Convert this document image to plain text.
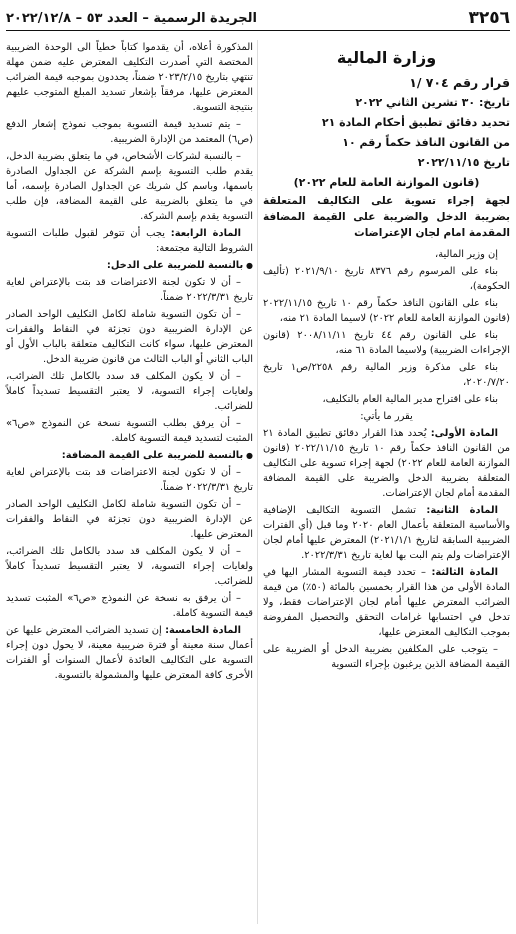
٣٢٥٦
الجريدة الرسمية – العدد ٥٣ – ٢٠٢٢/١٢/٨

وزارة المالية

قرار رقم ٧٠٤ /١

تاريخ: ٣٠ تشرين الثاني ٢٠٢٢

تحديد دقائق تطبيق أحكام المادة ٢١

من القانون النافذ حكماً رقم ١٠

تاريخ ٢٠٢٢/١١/١٥

(قانون الموازنة العامة للعام ٢٠٢٢)

لجهة إجراء تسوية على التكاليف المتعلقة بضريبة الدخل والضريبة على القيمة المضافة المقدمة امام لجان الإعتراضات

إن وزير المالية،

بناء على المرسوم رقم ٨٣٧٦ تاريخ ٢٠٢١/٩/١٠ (تأليف الحكومة)،

بناء على القانون النافذ حكماً رقم ١٠ تاريخ ٢٠٢٢/١١/١٥ (قانون الموازنة العامة للعام ٢٠٢٢) لاسيما المادة ٢١ منه،

بناء على القانون رقم ٤٤ تاريخ ٢٠٠٨/١١/١١ (قانون الإجراءات الضريبية) ولاسيما المادة ٦١ منه،

بناء على مذكرة وزير المالية رقم ٢٢٥٨/ص١ تاريخ ٢٠٢٠/٧/٢٠،

بناء على اقتراح مدير المالية العام بالتكليف،

يقرر ما يأتي:

المادة الأولى: يُحدد هذا القرار دقائق تطبيق المادة ٢١ من القانون النافذ حكماً رقم ١٠ تاريخ ٢٠٢٢/١١/١٥ (قانون الموازنة العامة للعام ٢٠٢٢) لجهة إجراء تسوية على التكاليف المتعلقة بضريبة الدخل والضريبة على القيمة المضافة المقدمة أمام لجان الإعتراضات.

المادة الثانية: تشمل التسوية التكاليف الإضافية والأساسية المتعلقة بأعمال العام ٢٠٢٠ وما قبل (أي الفترات الضريبية السابقة لتاريخ ٢٠٢١/١/١) المعترض عليها أمام لجان الإعتراضات ولم يتم البت بها لغاية تاريخ ٢٠٢٢/٣/٣١.

المادة الثالثة: – تحدد قيمة التسوية المشار اليها في المادة الأولى من هذا القرار بخمسين بالمائة (٥٠٪) من قيمة الضرائب المعترض عليها أمام لجان الإعتراضات فقط، ولا تدخل في احتسابها غرامات التحقق والتحصيل المفروضة بموجب التكاليف المعترض عليها،

– يتوجب على المكلفين بضريبة الدخل أو الضريبة على القيمة المضافة الذين يرغبون بإجراء التسوية

المذكورة أعلاه، أن يقدموا كتاباً خطياً الى الوحدة الضريبية المختصة التي أصدرت التكليف المعترض عليه ضمن مهلة تنتهي بتاريخ ٢٠٢٣/٢/١٥ ضمناً، يحددون بموجبه قيمة الضرائب المعترض عليها، مرفقاً بإشعار تسديد المبلغ المتوجب عليهم بنتيجة التسوية.

– يتم تسديد قيمة التسوية بموجب نموذج إشعار الدفع (ص٦) المعتمد من الإدارة الضريبية.

– بالنسبة لشركات الأشخاص، في ما يتعلق بضريبة الدخل، يقدم طلب التسوية بإسم الشركة عن الجداول الصادرة باسمها، وباسم كل شريك عن الجداول الصادرة بإسمه، أما في ما يتعلق بالضريبة على القيمة المضافة، فإن طلب التسوية يقدم بإسم الشركة.

المادة الرابعة: يجب أن تتوفر لقبول طلبات التسوية الشروط التالية مجتمعة:

● بالنسبة للضريبة على الدخل:

– أن لا تكون لجنة الاعتراضات قد بتت بالإعتراض لغاية تاريخ ٢٠٢٢/٣/٣١ ضمناً.

– أن تكون التسوية شاملة لكامل التكليف الواحد الصادر عن الإدارة الضريبية دون تجزئة في النقاط والفقرات المعترض عليها، سواء كانت التكاليف متعلقة بالباب الأول أو الباب الثاني أو الباب الثالث من قانون ضريبة الدخل.

– أن لا يكون المكلف قد سدد بالكامل تلك الضرائب، ولغايات إجراء التسوية، لا يعتبر التقسيط تسديداً كاملاً للضرائب.

– أن يرفق بطلب التسوية نسخة عن النموذج «ص٦» المثبت لتسديد قيمة التسوية كاملة.

● بالنسبة للضريبة على القيمة المضافة:

– أن لا تكون لجنة الاعتراضات قد بتت بالإعتراض لغاية تاريخ ٢٠٢٢/٣/٣١ ضمناً.

– أن تكون التسوية شاملة لكامل التكليف الواحد الصادر عن الإدارة الضريبية دون تجزئة في النقاط والفقرات المعترض عليها.

– أن لا يكون المكلف قد سدد بالكامل تلك الضرائب، ولغايات إجراء التسوية، لا يعتبر التقسيط تسديداً كاملاً للضرائب.

– أن يرفق به نسخة عن النموذج «ص٦» المثبت تسديد قيمة التسوية كاملة.

المادة الخامسة: إن تسديد الضرائب المعترض عليها عن أعمال سنة معينة أو فترة ضريبية معينة، لا يحول دون إجراء التسوية على التكاليف العائدة لأعمال السنوات أو الفترات الأخرى كافة المعترض عليها والمشمولة بالتسوية.
